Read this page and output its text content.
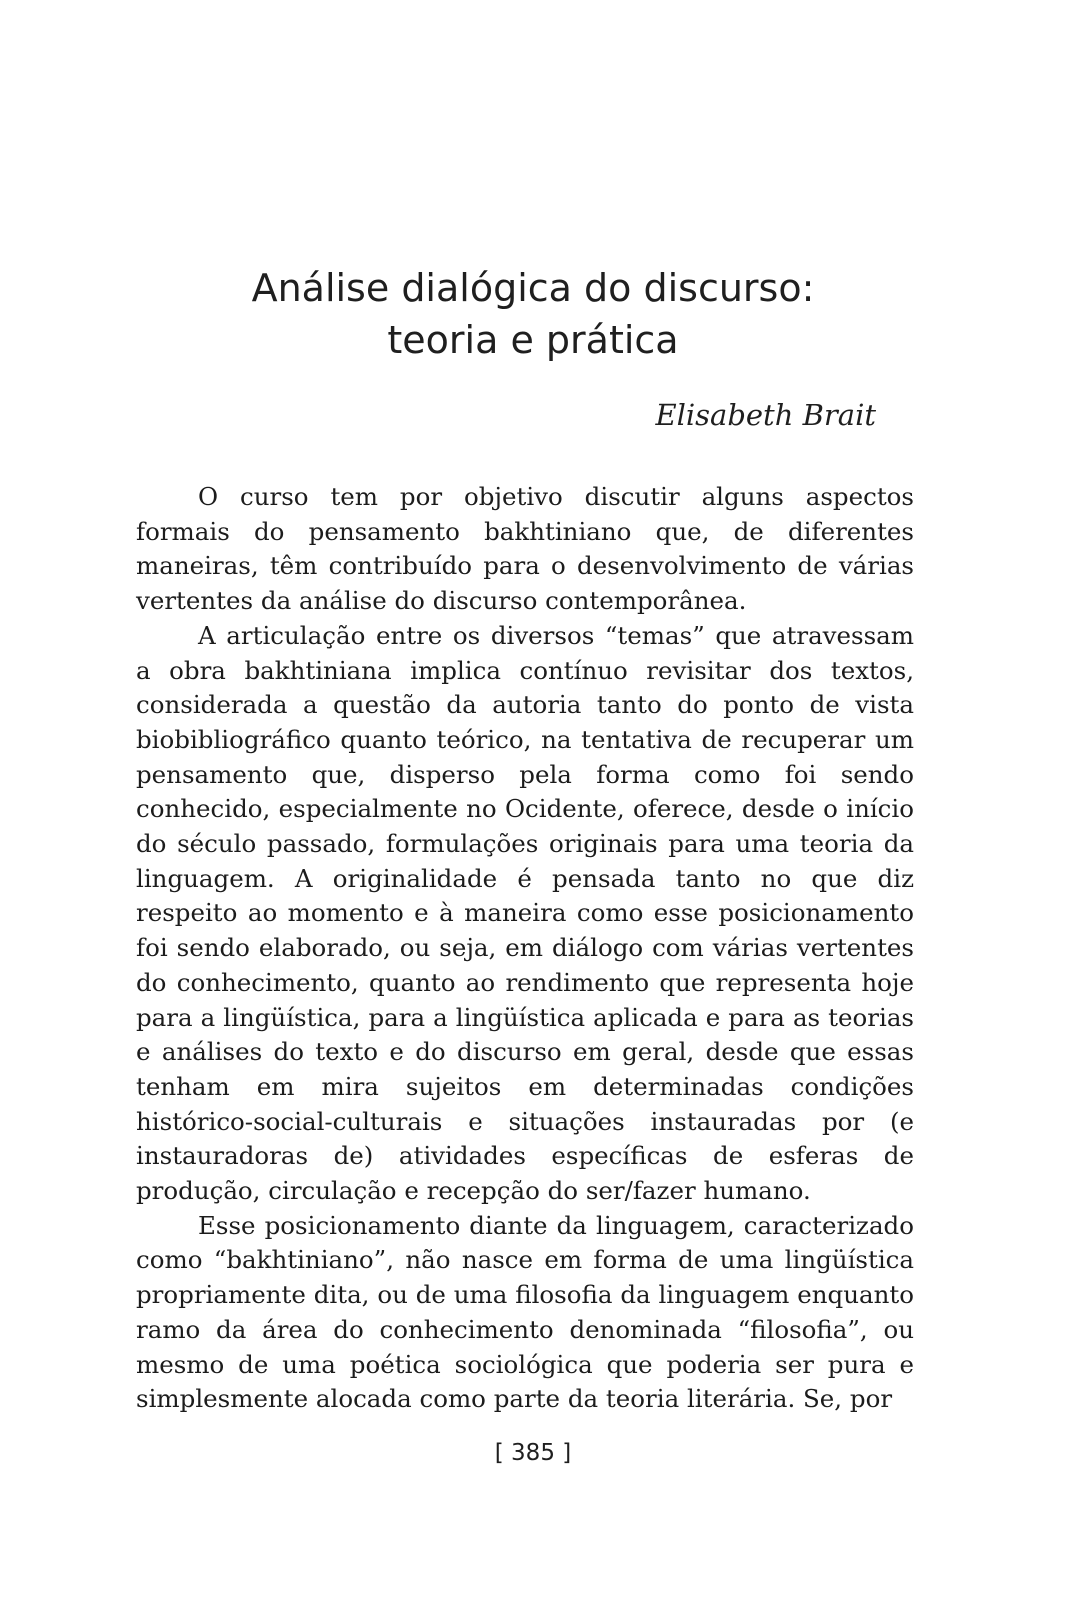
Análise dialógica do discurso:
teoria e prática
Elisabeth Brait

O curso tem por objetivo discutir alguns aspectos formais do pensamento bakhtiniano que, de diferentes maneiras, têm contribuído para o desenvolvimento de várias vertentes da análise do discurso contemporânea.

A articulação entre os diversos “temas” que atravessam a obra bakhtiniana implica contínuo revisitar dos textos, considerada a questão da autoria tanto do ponto de vista biobibliográfico quanto teórico, na tentativa de recuperar um pensamento que, disperso pela forma como foi sendo conhecido, especialmente no Ocidente, oferece, desde o início do século passado, formulações originais para uma teoria da linguagem. A originalidade é pensada tanto no que diz respeito ao momento e à maneira como esse posicionamento foi sendo elaborado, ou seja, em diálogo com várias vertentes do conhecimento, quanto ao rendimento que representa hoje para a lingüística, para a lingüística aplicada e para as teorias e análises do texto e do discurso em geral, desde que essas tenham em mira sujeitos em determinadas condições histórico-social-culturais e situações instauradas por (e instauradoras de) atividades específicas de esferas de produção, circulação e recepção do ser/fazer humano.

Esse posicionamento diante da linguagem, caracterizado como “bakhtiniano”, não nasce em forma de uma lingüística propriamente dita, ou de uma filosofia da linguagem enquanto ramo da área do conhecimento denominada “filosofia”, ou mesmo de uma poética sociológica que poderia ser pura e simplesmente alocada como parte da teoria literária. Se, por

[ 385 ]
